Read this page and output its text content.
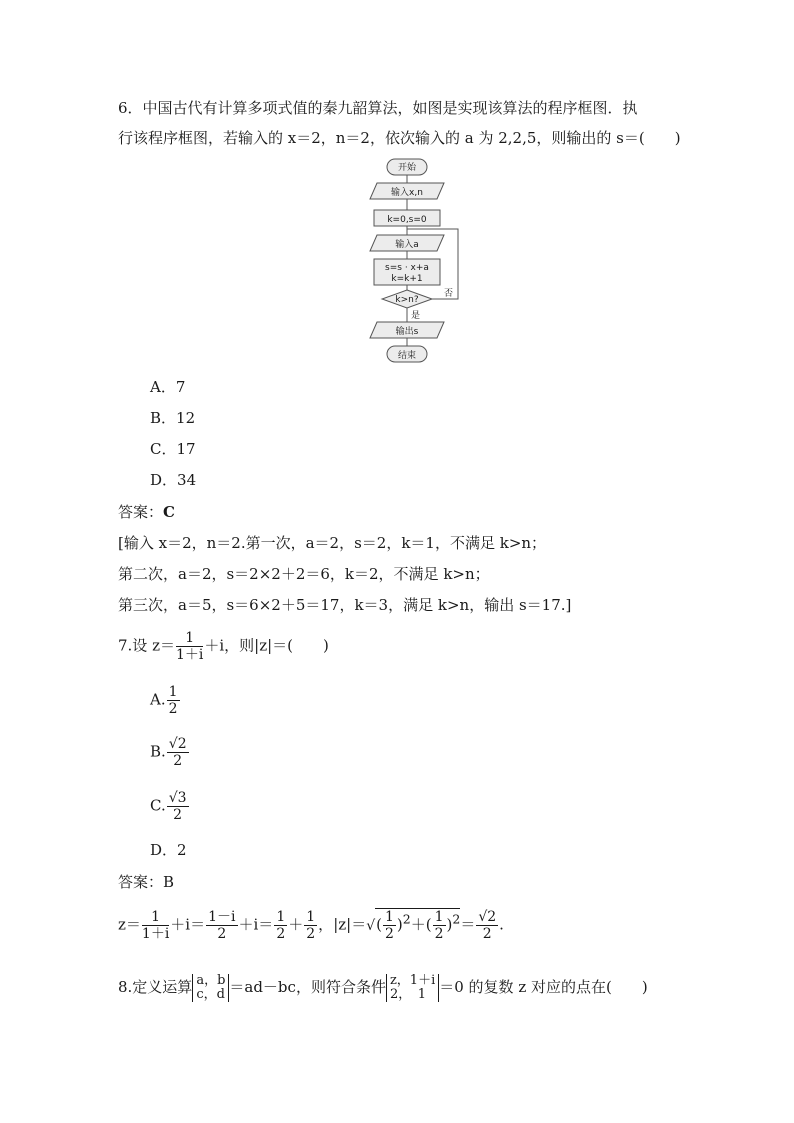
6．中国古代有计算多项式值的秦九韶算法，如图是实现该算法的程序框图．执
行该程序框图，若输入的 x＝2，n＝2，依次输入的 a 为 2,2,5，则输出的 s＝(　　)
开始
输入x,n
k=0,s=0
输入a
s=s · x+a
k=k+1
k>n?
否
是
输出s
结束
A．7
B．12
C．17
D．34
答案：C
[输入 x＝2，n＝2.第一次，a＝2，s＝2，k＝1，不满足 k>n；
第二次，a＝2，s＝2×2＋2＝6，k＝2，不满足 k>n；
第三次，a＝5，s＝6×2＋5＝17，k＝3，满足 k>n，输出 s＝17.]
7.设 $z= \frac{1}{1+i} +i$，则|z|＝(　　)
A. $\frac{1}{2}$
B. $\frac{√2}{2}$
C. $\frac{√3}{2}$
D．2
答案：B
$z= \frac{1}{1+i} +i= \frac{1-i}{2} +i= \frac{1}{2} + \frac{1}{2}$ ，$|z|=√( \frac{1}{2} )^2+( \frac{1}{2} )^2= \frac{√2}{2}$ .
8.定义运算 a，b
c，d ＝ad－bc，则符合条件 z，1＋i
2，　1 ＝0 的复数 z 对应的点在(　　)
